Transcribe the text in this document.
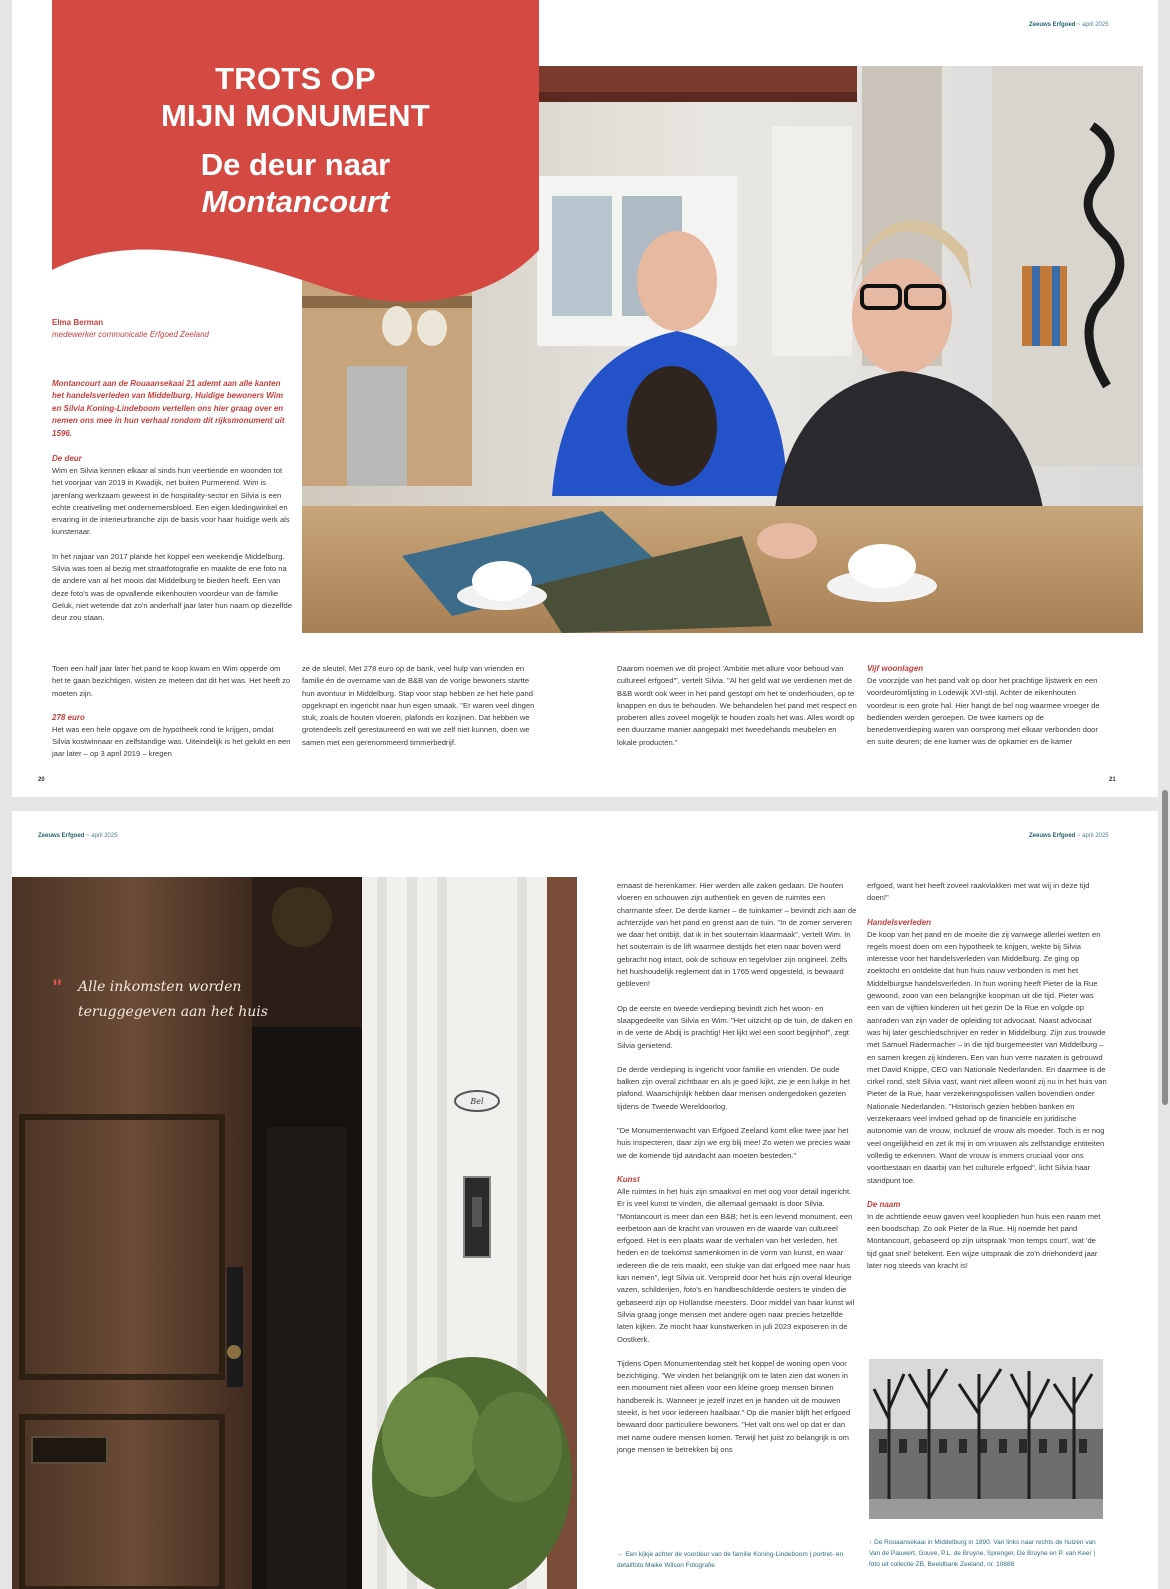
Zeeuws Erfgoed ~ april 2025
TROTS OP
MIJN MONUMENT
De deur naar
Montancourt
Elma Berman
medewerker communicatie Erfgoed Zeeland
Montancourt aan de Rouaansekaai 21 ademt aan alle kanten het handelsverleden van Middelburg. Huidige bewoners Wim en Silvia Koning-Lindeboom vertellen ons hier graag over en nemen ons mee in hun verhaal rondom dit rijksmonument uit 1596.
De deur

Wim en Silvia kennen elkaar al sinds hun veertiende en woonden tot het voorjaar van 2019 in Kwadijk, net buiten Purmerend. Wim is jarenlang werkzaam geweest in de hospitality-sector en Silvia is een echte creativeling met ondernemersbloed. Een eigen kledingwinkel en ervaring in de interieurbranche zijn de basis voor haar huidige werk als kunstenaar.

In het najaar van 2017 plande het koppel een weekendje Middelburg. Silvia was toen al bezig met straatfotografie en maakte de ene foto na de andere van al het moois dat Middelburg te bieden heeft. Een van deze foto's was de opvallende eikenhouten voordeur van de familie Geluk, niet wetende dat zo'n anderhalf jaar later hun naam op diezelfde deur zou staan.

Toen een half jaar later het pand te koop kwam en Wim opperde om het te gaan bezichtigen, wisten ze meteen dat dit het was. Het heeft zo moeten zijn.

278 euro

Het was een hele opgave om de hypotheek rond te krijgen, omdat Silvia kostwinnaar en zelfstandige was. Uiteindelijk is het gelukt en een jaar later – op 3 april 2019 – kregen

ze de sleutel. Met 278 euro op de bank, veel hulp van vrienden en familie én de overname van de B&B van de vorige bewoners startte hun avontuur in Middelburg. Stap voor stap hebben ze het hele pand opgeknapt en ingericht naar hun eigen smaak. "Er waren veel dingen stuk, zoals de houten vloeren, plafonds en kozijnen. Dat hebben we grotendeels zelf gerestaureerd en wat we zelf niet kunnen, doen we samen met een gerenommeerd timmerbedrijf.

Daarom noemen we dit project 'Ambitie met allure voor behoud van cultureel erfgoed'", vertelt Silvia. "Al het geld wat we verdienen met de B&B wordt ook weer in het pand gestopt om het te onderhouden, op te knappen en dus te behouden. We behandelen het pand met respect en proberen alles zoveel mogelijk te houden zoals het was. Alles wordt op een duurzame manier aangepakt met tweedehands meubelen en lokale producten."

Vijf woonlagen

De voorzijde van het pand valt op door het prachtige lijstwerk en een voordeuromlijsting in Lodewijk XVI-stijl. Achter de eikenhouten voordeur is een grote hal. Hier hangt de bel nog waarmee vroeger de bedienden werden geroepen. De twee kamers op de benedenverdieping waren van oorsprong met elkaar verbonden door en suite deuren; de ene kamer was de opkamer en de kamer

20	21
Zeeuws Erfgoed ~ april 2025	Zeeuws Erfgoed ~ april 2025
Bel
" Alle inkomsten worden teruggegeven aan het huis

ernaast de herenkamer. Hier werden alle zaken gedaan. De houten vloeren en schouwen zijn authentiek en geven de ruimtes een charmante sfeer. De derde kamer – de tuinkamer – bevindt zich aan de achterzijde van het pand en grenst aan de tuin. "In de zomer serveren we daar het ontbijt, dat ik in het souterrain klaarmaak", vertelt Wim. In het souterrain is de lift waarmee destijds het eten naar boven werd gebracht nog intact, ook de schouw en tegelvloer zijn origineel. Zelfs het huishoudelijk reglement dat in 1765 werd opgesteld, is bewaard gebleven!

Op de eerste en tweede verdieping bevindt zich het woon- en slaapgedeelte van Silvia en Wim. "Het uitzicht op de tuin, de daken en in de verte de Abdij is prachtig! Het lijkt wel een soort begijnhof", zegt Silvia genietend.

De derde verdieping is ingericht voor familie en vrienden. De oude balken zijn overal zichtbaar en als je goed kijkt, zie je een luikje in het plafond. Waarschijnlijk hebben daar mensen ondergedoken gezeten tijdens de Tweede Wereldoorlog.

"De Monumentenwacht van Erfgoed Zeeland komt elke twee jaar het huis inspecteren, daar zijn we erg blij mee! Zo weten we precies waar we de komende tijd aandacht aan moeten besteden."

Kunst

Alle ruimtes in het huis zijn smaakvol en met oog voor detail ingericht. Er is veel kunst te vinden, die allemaal gemaakt is door Silvia. "Montancourt is meer dan een B&B; het is een levend monument, een eerbetoon aan de kracht van vrouwen en de waarde van cultureel erfgoed. Het is een plaats waar de verhalen van het verleden, het heden en de toekomst samenkomen in de vorm van kunst, en waar iedereen die de reis maakt, een stukje van dat erfgoed mee naar huis kan nemen", legt Silvia uit. Verspreid door het huis zijn overal kleurige vazen, schilderijen, foto's en handbeschilderde oesters te vinden die gebaseerd zijn op Hollandse meesters. Door middel van haar kunst wil Silvia graag jonge mensen met andere ogen naar precies hetzelfde laten kijken. Ze mocht haar kunstwerken in juli 2023 exposeren in de Oostkerk.

Tijdens Open Monumentendag stelt het koppel de woning open voor bezichtiging. "We vinden het belangrijk om te laten zien dat wonen in een monument niet alleen voor een kleine groep mensen binnen handbereik is. Wanneer je jezelf inzet en je handen uit de mouwen steekt, is het voor iedereen haalbaar." Op die manier blijft het erfgoed bewaard door particuliere bewoners. "Het valt ons wel op dat er dan met name oudere mensen komen. Terwijl het juist zo belangrijk is om jonge mensen te betrekken bij ons

erfgoed, want het heeft zoveel raakvlakken met wat wij in deze tijd doen!"

Handelsverleden

De koop van het pand en de moeite die zij vanwege allerlei wetten en regels moest doen om een hypotheek te krijgen, wekte bij Silvia interesse voor het handelsverleden van Middelburg. Ze ging op zoektocht en ontdekte dat hun huis nauw verbonden is met het Middelburgse handelsverleden. In hun woning heeft Pieter de la Rue gewoond, zoon van een belangrijke koopman uit die tijd. Pieter was een van de vijftien kinderen uit het gezin De la Rue en volgde op aanraden van zijn vader de opleiding tot advocaat. Naast advocaat was hij later geschiedschrijver en reder in Middelburg. Zijn zus trouwde met Samuel Radermacher – in die tijd burgemeester van Middelburg – en samen kregen zij kinderen. Een van hun verre nazaten is getrouwd met David Knippe, CEO van Nationale Nederlanden. En daarmee is de cirkel rond, stelt Silvia vast, want niet alleen woont zij nu in het huis van Pieter de la Rue, haar verzekeringspolissen vallen bovendien onder Nationale Nederlanden. "Historisch gezien hebben banken en verzekeraars veel invloed gehad op de financiële en juridische autonomie van de vrouw, inclusief de vrouw als moeder. Toch is er nog veel ongelijkheid en zet ik mij in om vrouwen als zelfstandige entiteiten volledig te erkennen. Want de vrouw is immers cruciaal voor ons voortbestaan en daarbij van het culturele erfgoed", licht Silvia haar standpunt toe.

De naam

In de achttiende eeuw gaven veel kooplieden hun huis een naam met een boodschap. Zo ook Pieter de la Rue. Hij noemde het pand Montancourt, gebaseerd op zijn uitspraak 'mon temps court', wat 'de tijd gaat snel' betekent. Een wijze uitspraak die zo'n driehonderd jaar later nog steeds van kracht is!

↑ De Rouaansekaai in Middelburg in 1890. Van links naar rechts de huizen van Van de Pauwert, Gouve, P.L. de Bruyne, Sprenger, De Bruyne en P. van Keer | foto uit collectie ZB, Beeldbank Zeeland, nr. 10888
← Een kijkje achter de voordeur van de familie Koning-Lindeboom | portret- en detailfoto Maike Wilson Fotografie
